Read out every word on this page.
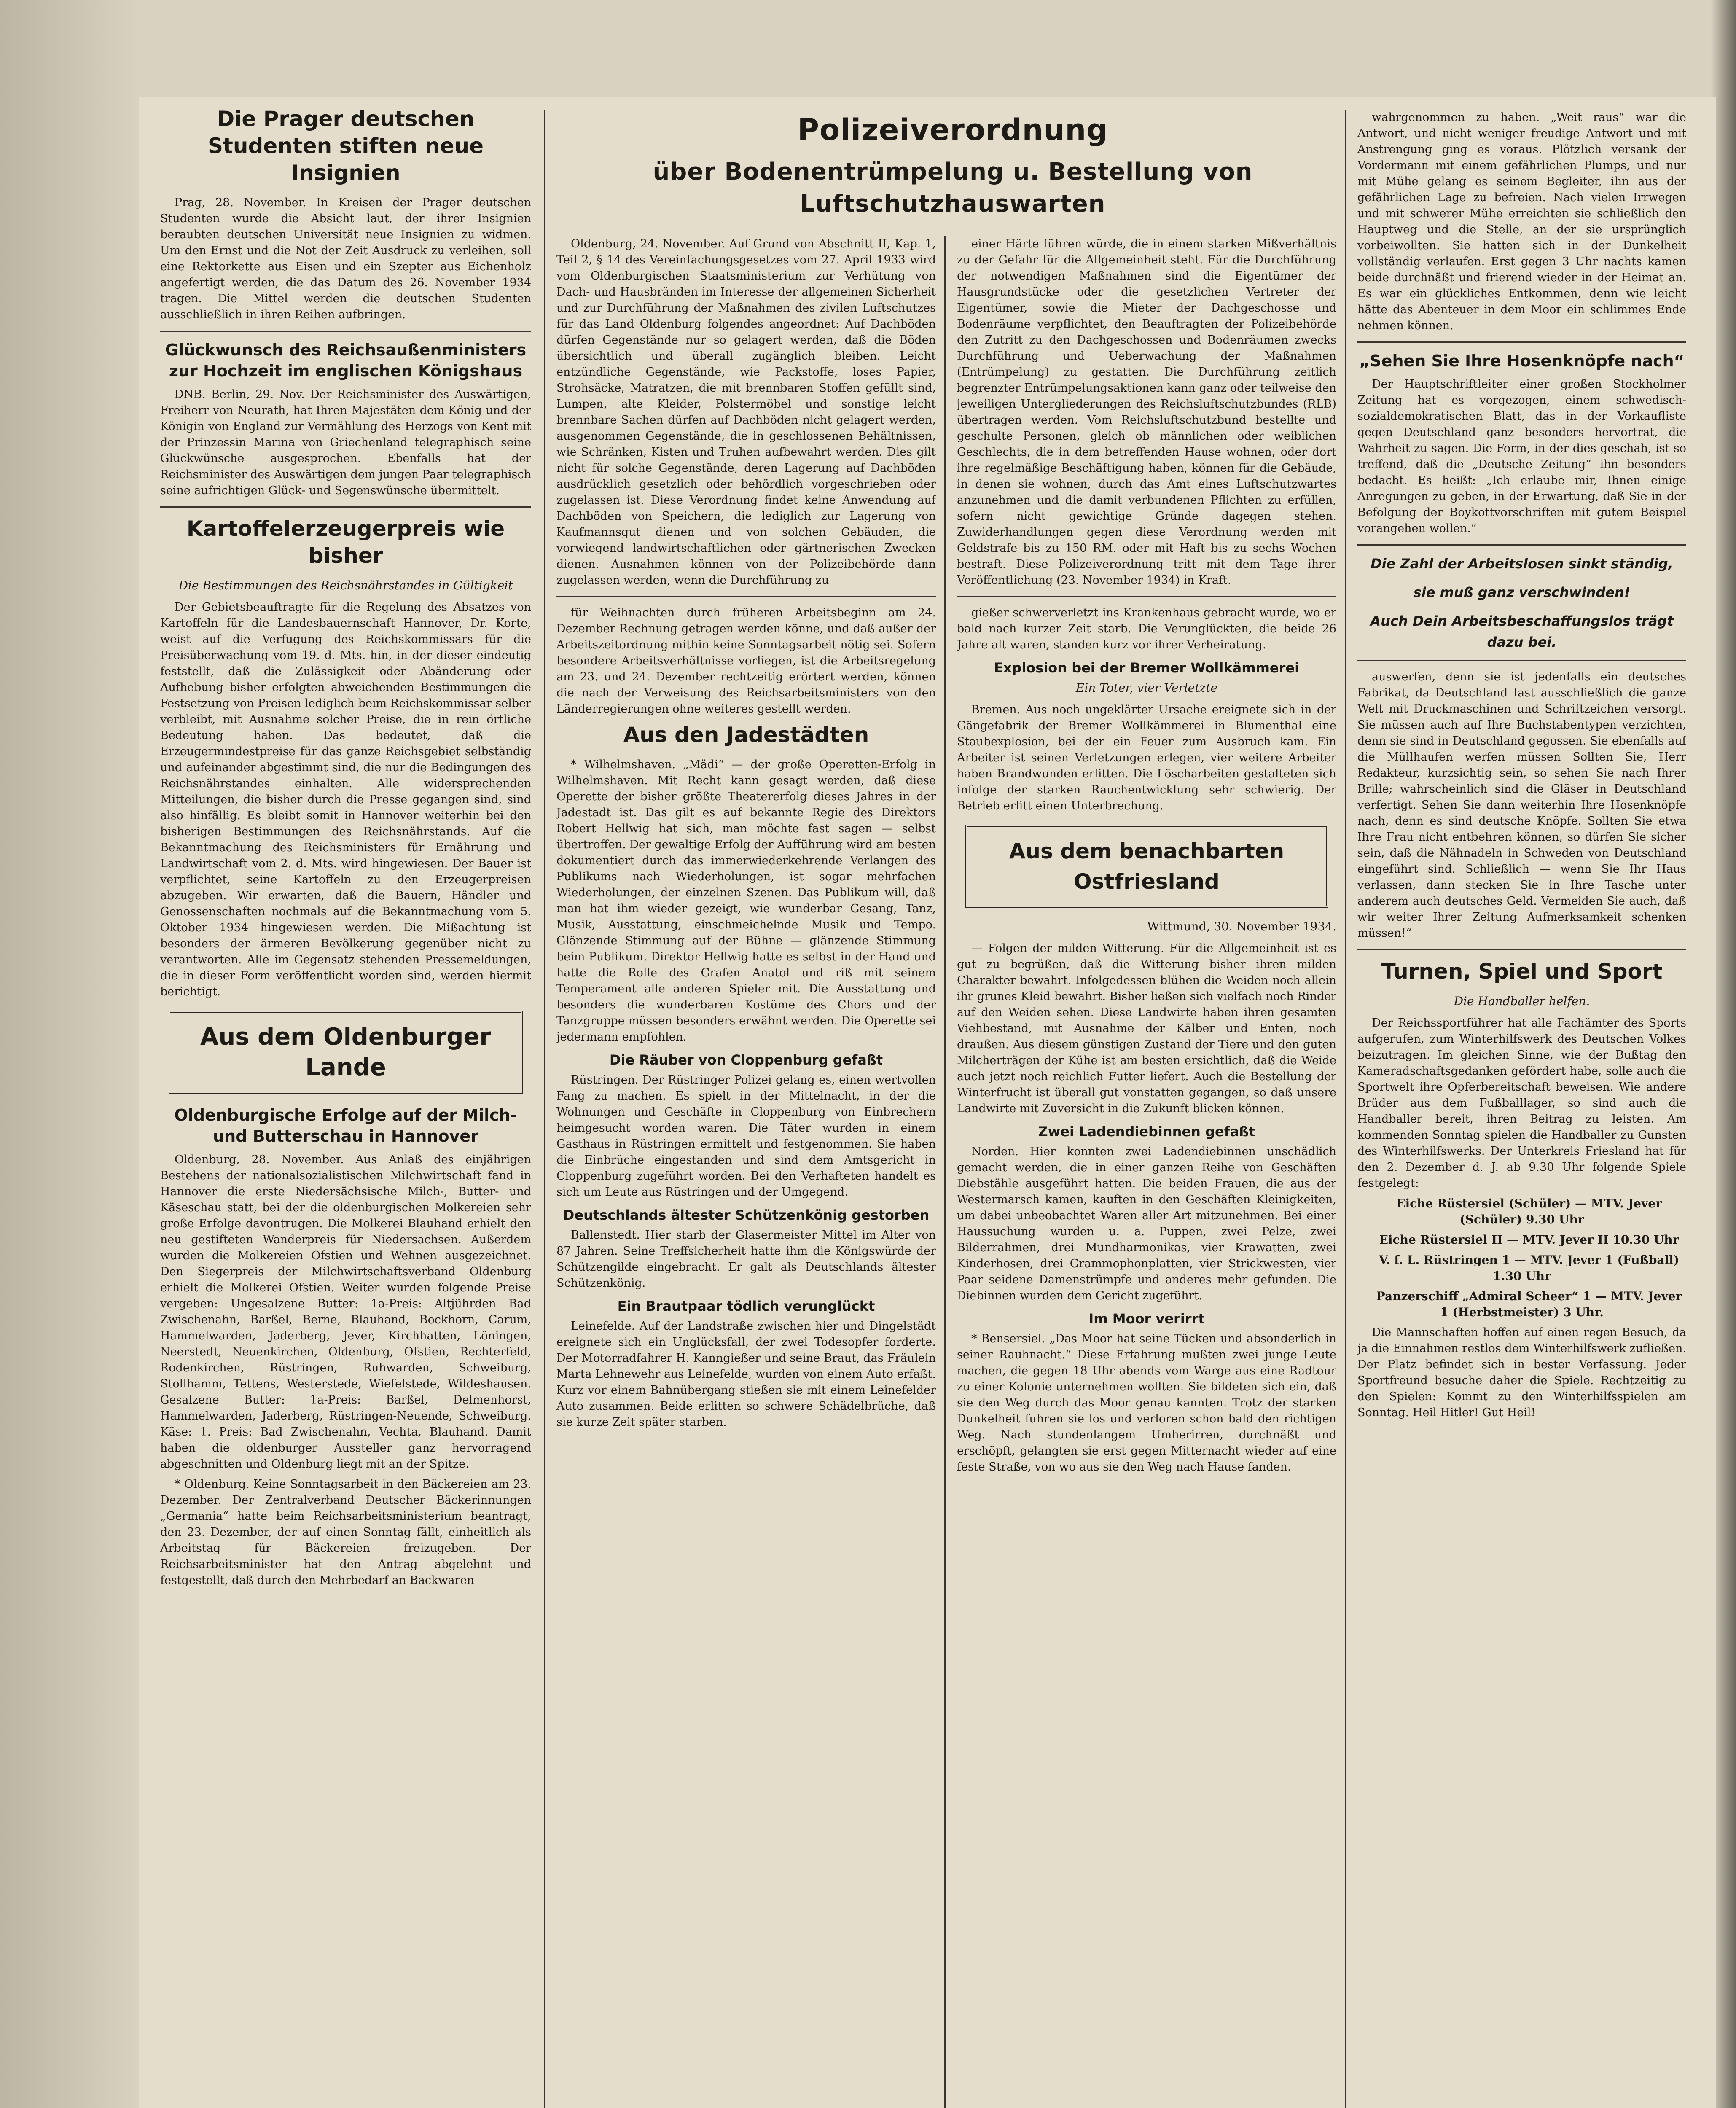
Die Prager deutschen Studenten stiften neue Insignien

Prag, 28. November. In Kreisen der Prager deutschen Studenten wurde die Absicht laut, der ihrer Insignien beraubten deutschen Universität neue Insignien zu widmen. Um den Ernst und die Not der Zeit Ausdruck zu verleihen, soll eine Rektorkette aus Eisen und ein Szepter aus Eichenholz angefertigt werden, die das Datum des 26. November 1934 tragen. Die Mittel werden die deutschen Studenten ausschließlich in ihren Reihen aufbringen.

Glückwunsch des Reichsaußenministers zur Hochzeit im englischen Königshaus

DNB. Berlin, 29. Nov. Der Reichsminister des Auswärtigen, Freiherr von Neurath, hat Ihren Majestäten dem König und der Königin von England zur Vermählung des Herzogs von Kent mit der Prinzessin Marina von Griechenland telegraphisch seine Glückwünsche ausgesprochen. Ebenfalls hat der Reichsminister des Auswärtigen dem jungen Paar telegraphisch seine aufrichtigen Glück- und Segenswünsche übermittelt.

Kartoffelerzeugerpreis wie bisher
Die Bestimmungen des Reichsnährstandes in Gültigkeit

Der Gebietsbeauftragte für die Regelung des Absatzes von Kartoffeln für die Landesbauernschaft Hannover, Dr. Korte, weist auf die Verfügung des Reichskommissars für die Preisüberwachung vom 19. d. Mts. hin, in der dieser eindeutig feststellt, daß die Zulässigkeit oder Abänderung oder Aufhebung bisher erfolgten abweichenden Bestimmungen die Festsetzung von Preisen lediglich beim Reichskommissar selber verbleibt, mit Ausnahme solcher Preise, die in rein örtliche Bedeutung haben. Das bedeutet, daß die Erzeugermindestpreise für das ganze Reichsgebiet selbständig und aufeinander abgestimmt sind, die nur die Bedingungen des Reichsnährstandes einhalten. Alle widersprechenden Mitteilungen, die bisher durch die Presse gegangen sind, sind also hinfällig. Es bleibt somit in Hannover weiterhin bei den bisherigen Bestimmungen des Reichsnährstands. Auf die Bekanntmachung des Reichsministers für Ernährung und Landwirtschaft vom 2. d. Mts. wird hingewiesen. Der Bauer ist verpflichtet, seine Kartoffeln zu den Erzeugerpreisen abzugeben. Wir erwarten, daß die Bauern, Händler und Genossenschaften nochmals auf die Bekanntmachung vom 5. Oktober 1934 hingewiesen werden. Die Mißachtung ist besonders der ärmeren Bevölkerung gegenüber nicht zu verantworten. Alle im Gegensatz stehenden Pressemeldungen, die in dieser Form veröffentlicht worden sind, werden hiermit berichtigt.

Aus dem Oldenburger Lande
Oldenburgische Erfolge auf der Milch- und Butterschau in Hannover

Oldenburg, 28. November. Aus Anlaß des einjährigen Bestehens der nationalsozialistischen Milchwirtschaft fand in Hannover die erste Niedersächsische Milch-, Butter- und Käseschau statt, bei der die oldenburgischen Molkereien sehr große Erfolge davontrugen. Die Molkerei Blauhand erhielt den neu gestifteten Wanderpreis für Niedersachsen. Außerdem wurden die Molkereien Ofstien und Wehnen ausgezeichnet. Den Siegerpreis der Milchwirtschaftsverband Oldenburg erhielt die Molkerei Ofstien. Weiter wurden folgende Preise vergeben: Ungesalzene Butter: 1a-Preis: Altjührden Bad Zwischenahn, Barßel, Berne, Blauhand, Bockhorn, Carum, Hammelwarden, Jaderberg, Jever, Kirchhatten, Löningen, Neerstedt, Neuenkirchen, Oldenburg, Ofstien, Rechterfeld, Rodenkirchen, Rüstringen, Ruhwarden, Schweiburg, Stollhamm, Tettens, Westerstede, Wiefelstede, Wildeshausen. Gesalzene Butter: 1a-Preis: Barßel, Delmenhorst, Hammelwarden, Jaderberg, Rüstringen-Neuende, Schweiburg. Käse: 1. Preis: Bad Zwischenahn, Vechta, Blauhand. Damit haben die oldenburger Aussteller ganz hervorragend abgeschnitten und Oldenburg liegt mit an der Spitze.

* Oldenburg. Keine Sonntagsarbeit in den Bäckereien am 23. Dezember. Der Zentralverband Deutscher Bäckerinnungen „Germania“ hatte beim Reichsarbeitsministerium beantragt, den 23. Dezember, der auf einen Sonntag fällt, einheitlich als Arbeitstag für Bäckereien freizugeben. Der Reichsarbeitsminister hat den Antrag abgelehnt und festgestellt, daß durch den Mehrbedarf an Backwaren

Polizeiverordnung
über Bodenentrümpelung u. Bestellung von Luftschutzhauswarten

Oldenburg, 24. November. Auf Grund von Abschnitt II, Kap. 1, Teil 2, § 14 des Vereinfachungsgesetzes vom 27. April 1933 wird vom Oldenburgischen Staatsministerium zur Verhütung von Dach- und Hausbränden im Interesse der allgemeinen Sicherheit und zur Durchführung der Maßnahmen des zivilen Luftschutzes für das Land Oldenburg folgendes angeordnet: Auf Dachböden dürfen Gegenstände nur so gelagert werden, daß die Böden übersichtlich und überall zugänglich bleiben. Leicht entzündliche Gegenstände, wie Packstoffe, loses Papier, Strohsäcke, Matratzen, die mit brennbaren Stoffen gefüllt sind, Lumpen, alte Kleider, Polstermöbel und sonstige leicht brennbare Sachen dürfen auf Dachböden nicht gelagert werden, ausgenommen Gegenstände, die in geschlossenen Behältnissen, wie Schränken, Kisten und Truhen aufbewahrt werden. Dies gilt nicht für solche Gegenstände, deren Lagerung auf Dachböden ausdrücklich gesetzlich oder behördlich vorgeschrieben oder zugelassen ist. Diese Verordnung findet keine Anwendung auf Dachböden von Speichern, die lediglich zur Lagerung von Kaufmannsgut dienen und von solchen Gebäuden, die vorwiegend landwirtschaftlichen oder gärtnerischen Zwecken dienen. Ausnahmen können von der Polizeibehörde dann zugelassen werden, wenn die Durchführung zu

für Weihnachten durch früheren Arbeitsbeginn am 24. Dezember Rechnung getragen werden könne, und daß außer der Arbeitszeitordnung mithin keine Sonntagsarbeit nötig sei. Sofern besondere Arbeitsverhältnisse vorliegen, ist die Arbeitsregelung am 23. und 24. Dezember rechtzeitig erörtert werden, können die nach der Verweisung des Reichsarbeitsministers von den Länderregierungen ohne weiteres gestellt werden.

Aus den Jadestädten

* Wilhelmshaven. „Mädi“ — der große Operetten-Erfolg in Wilhelmshaven. Mit Recht kann gesagt werden, daß diese Operette der bisher größte Theatererfolg dieses Jahres in der Jadestadt ist. Das gilt es auf bekannte Regie des Direktors Robert Hellwig hat sich, man möchte fast sagen — selbst übertroffen. Der gewaltige Erfolg der Aufführung wird am besten dokumentiert durch das immerwiederkehrende Verlangen des Publikums nach Wiederholungen, ist sogar mehrfachen Wiederholungen, der einzelnen Szenen. Das Publikum will, daß man hat ihm wieder gezeigt, wie wunderbar Gesang, Tanz, Musik, Ausstattung, einschmeichelnde Musik und Tempo. Glänzende Stimmung auf der Bühne — glänzende Stimmung beim Publikum. Direktor Hellwig hatte es selbst in der Hand und hatte die Rolle des Grafen Anatol und riß mit seinem Temperament alle anderen Spieler mit. Die Ausstattung und besonders die wunderbaren Kostüme des Chors und der Tanzgruppe müssen besonders erwähnt werden. Die Operette sei jedermann empfohlen.

Die Räuber von Cloppenburg gefaßt

Rüstringen. Der Rüstringer Polizei gelang es, einen wertvollen Fang zu machen. Es spielt in der Mittelnacht, in der die Wohnungen und Geschäfte in Cloppenburg von Einbrechern heimgesucht worden waren. Die Täter wurden in einem Gasthaus in Rüstringen ermittelt und festgenommen. Sie haben die Einbrüche eingestanden und sind dem Amtsgericht in Cloppenburg zugeführt worden. Bei den Verhafteten handelt es sich um Leute aus Rüstringen und der Umgegend.

Deutschlands ältester Schützenkönig gestorben

Ballenstedt. Hier starb der Glasermeister Mittel im Alter von 87 Jahren. Seine Treffsicherheit hatte ihm die Königswürde der Schützengilde eingebracht. Er galt als Deutschlands ältester Schützenkönig.

Ein Brautpaar tödlich verunglückt

Leinefelde. Auf der Landstraße zwischen hier und Dingelstädt ereignete sich ein Unglücksfall, der zwei Todesopfer forderte. Der Motorradfahrer H. Kanngießer und seine Braut, das Fräulein Marta Lehnewehr aus Leinefelde, wurden von einem Auto erfaßt. Kurz vor einem Bahnübergang stießen sie mit einem Leinefelder Auto zusammen. Beide erlitten so schwere Schädelbrüche, daß sie kurze Zeit später starben.

einer Härte führen würde, die in einem starken Mißverhältnis zu der Gefahr für die Allgemeinheit steht. Für die Durchführung der notwendigen Maßnahmen sind die Eigentümer der Hausgrundstücke oder die gesetzlichen Vertreter der Eigentümer, sowie die Mieter der Dachgeschosse und Bodenräume verpflichtet, den Beauftragten der Polizeibehörde den Zutritt zu den Dachgeschossen und Bodenräumen zwecks Durchführung und Ueberwachung der Maßnahmen (Entrümpelung) zu gestatten. Die Durchführung zeitlich begrenzter Entrümpelungsaktionen kann ganz oder teilweise den jeweiligen Untergliederungen des Reichsluftschutzbundes (RLB) übertragen werden. Vom Reichsluftschutzbund bestellte und geschulte Personen, gleich ob männlichen oder weiblichen Geschlechts, die in dem betreffenden Hause wohnen, oder dort ihre regelmäßige Beschäftigung haben, können für die Gebäude, in denen sie wohnen, durch das Amt eines Luftschutzwartes anzunehmen und die damit verbundenen Pflichten zu erfüllen, sofern nicht gewichtige Gründe dagegen stehen. Zuwiderhandlungen gegen diese Verordnung werden mit Geldstrafe bis zu 150 RM. oder mit Haft bis zu sechs Wochen bestraft. Diese Polizeiverordnung tritt mit dem Tage ihrer Veröffentlichung (23. November 1934) in Kraft.

gießer schwerverletzt ins Krankenhaus gebracht wurde, wo er bald nach kurzer Zeit starb. Die Verunglückten, die beide 26 Jahre alt waren, standen kurz vor ihrer Verheiratung.

Explosion bei der Bremer Wollkämmerei
Ein Toter, vier Verletzte

Bremen. Aus noch ungeklärter Ursache ereignete sich in der Gängefabrik der Bremer Wollkämmerei in Blumenthal eine Staubexplosion, bei der ein Feuer zum Ausbruch kam. Ein Arbeiter ist seinen Verletzungen erlegen, vier weitere Arbeiter haben Brandwunden erlitten. Die Löscharbeiten gestalteten sich infolge der starken Rauchentwicklung sehr schwierig. Der Betrieb erlitt einen Unterbrechung.

Aus dem benachbarten Ostfriesland
Wittmund, 30. November 1934.

— Folgen der milden Witterung. Für die Allgemeinheit ist es gut zu begrüßen, daß die Witterung bisher ihren milden Charakter bewahrt. Infolgedessen blühen die Weiden noch allein ihr grünes Kleid bewahrt. Bisher ließen sich vielfach noch Rinder auf den Weiden sehen. Diese Landwirte haben ihren gesamten Viehbestand, mit Ausnahme der Kälber und Enten, noch draußen. Aus diesem günstigen Zustand der Tiere und den guten Milcherträgen der Kühe ist am besten ersichtlich, daß die Weide auch jetzt noch reichlich Futter liefert. Auch die Bestellung der Winterfrucht ist überall gut vonstatten gegangen, so daß unsere Landwirte mit Zuversicht in die Zukunft blicken können.

Zwei Ladendiebinnen gefaßt

Norden. Hier konnten zwei Ladendiebinnen unschädlich gemacht werden, die in einer ganzen Reihe von Geschäften Diebstähle ausgeführt hatten. Die beiden Frauen, die aus der Westermarsch kamen, kauften in den Geschäften Kleinigkeiten, um dabei unbeobachtet Waren aller Art mitzunehmen. Bei einer Haussuchung wurden u. a. Puppen, zwei Pelze, zwei Bilderrahmen, drei Mundharmonikas, vier Krawatten, zwei Kinderhosen, drei Grammophonplatten, vier Strickwesten, vier Paar seidene Damenstrümpfe und anderes mehr gefunden. Die Diebinnen wurden dem Gericht zugeführt.

Im Moor verirrt

* Bensersiel. „Das Moor hat seine Tücken und absonderlich in seiner Rauhnacht.“ Diese Erfahrung mußten zwei junge Leute machen, die gegen 18 Uhr abends vom Warge aus eine Radtour zu einer Kolonie unternehmen wollten. Sie bildeten sich ein, daß sie den Weg durch das Moor genau kannten. Trotz der starken Dunkelheit fuhren sie los und verloren schon bald den richtigen Weg. Nach stundenlangem Umherirren, durchnäßt und erschöpft, gelangten sie erst gegen Mitternacht wieder auf eine feste Straße, von wo aus sie den Weg nach Hause fanden.

wahrgenommen zu haben. „Weit raus“ war die Antwort, und nicht weniger freudige Antwort und mit Anstrengung ging es voraus. Plötzlich versank der Vordermann mit einem gefährlichen Plumps, und nur mit Mühe gelang es seinem Begleiter, ihn aus der gefährlichen Lage zu befreien. Nach vielen Irrwegen und mit schwerer Mühe erreichten sie schließlich den Hauptweg und die Stelle, an der sie ursprünglich vorbeiwollten. Sie hatten sich in der Dunkelheit vollständig verlaufen. Erst gegen 3 Uhr nachts kamen beide durchnäßt und frierend wieder in der Heimat an. Es war ein glückliches Entkommen, denn wie leicht hätte das Abenteuer in dem Moor ein schlimmes Ende nehmen können.

„Sehen Sie Ihre Hosenknöpfe nach“

Der Hauptschriftleiter einer großen Stockholmer Zeitung hat es vorgezogen, einem schwedisch-sozialdemokratischen Blatt, das in der Vorkaufliste gegen Deutschland ganz besonders hervortrat, die Wahrheit zu sagen. Die Form, in der dies geschah, ist so treffend, daß die „Deutsche Zeitung“ ihn besonders bedacht. Es heißt: „Ich erlaube mir, Ihnen einige Anregungen zu geben, in der Erwartung, daß Sie in der Befolgung der Boykottvorschriften mit gutem Beispiel vorangehen wollen.“

Die Zahl der Arbeitslosen sinkt ständig,
sie muß ganz verschwinden!
Auch Dein Arbeitsbeschaffungslos trägt dazu bei.

auswerfen, denn sie ist jedenfalls ein deutsches Fabrikat, da Deutschland fast ausschließlich die ganze Welt mit Druckmaschinen und Schriftzeichen versorgt. Sie müssen auch auf Ihre Buchstabentypen verzichten, denn sie sind in Deutschland gegossen. Sie ebenfalls auf die Müllhaufen werfen müssen Sollten Sie, Herr Redakteur, kurzsichtig sein, so sehen Sie nach Ihrer Brille; wahrscheinlich sind die Gläser in Deutschland verfertigt. Sehen Sie dann weiterhin Ihre Hosenknöpfe nach, denn es sind deutsche Knöpfe. Sollten Sie etwa Ihre Frau nicht entbehren können, so dürfen Sie sicher sein, daß die Nähnadeln in Schweden von Deutschland eingeführt sind. Schließlich — wenn Sie Ihr Haus verlassen, dann stecken Sie in Ihre Tasche unter anderem auch deutsches Geld. Vermeiden Sie auch, daß wir weiter Ihrer Zeitung Aufmerksamkeit schenken müssen!“

Turnen, Spiel und Sport
Die Handballer helfen.

Der Reichssportführer hat alle Fachämter des Sports aufgerufen, zum Winterhilfswerk des Deutschen Volkes beizutragen. Im gleichen Sinne, wie der Bußtag den Kameradschaftsgedanken gefördert habe, solle auch die Sportwelt ihre Opferbereitschaft beweisen. Wie andere Brüder aus dem Fußballlager, so sind auch die Handballer bereit, ihren Beitrag zu leisten. Am kommenden Sonntag spielen die Handballer zu Gunsten des Winterhilfswerks. Der Unterkreis Friesland hat für den 2. Dezember d. J. ab 9.30 Uhr folgende Spiele festgelegt:

Eiche Rüstersiel (Schüler) — MTV. Jever (Schüler) 9.30 Uhr

Eiche Rüstersiel II — MTV. Jever II 10.30 Uhr

V. f. L. Rüstringen 1 — MTV. Jever 1 (Fußball) 1.30 Uhr

Panzerschiff „Admiral Scheer“ 1 — MTV. Jever 1 (Herbstmeister) 3 Uhr.

Die Mannschaften hoffen auf einen regen Besuch, da ja die Einnahmen restlos dem Winterhilfswerk zufließen. Der Platz befindet sich in bester Verfassung. Jeder Sportfreund besuche daher die Spiele. Rechtzeitig zu den Spielen: Kommt zu den Winterhilfsspielen am Sonntag. Heil Hitler! Gut Heil!
